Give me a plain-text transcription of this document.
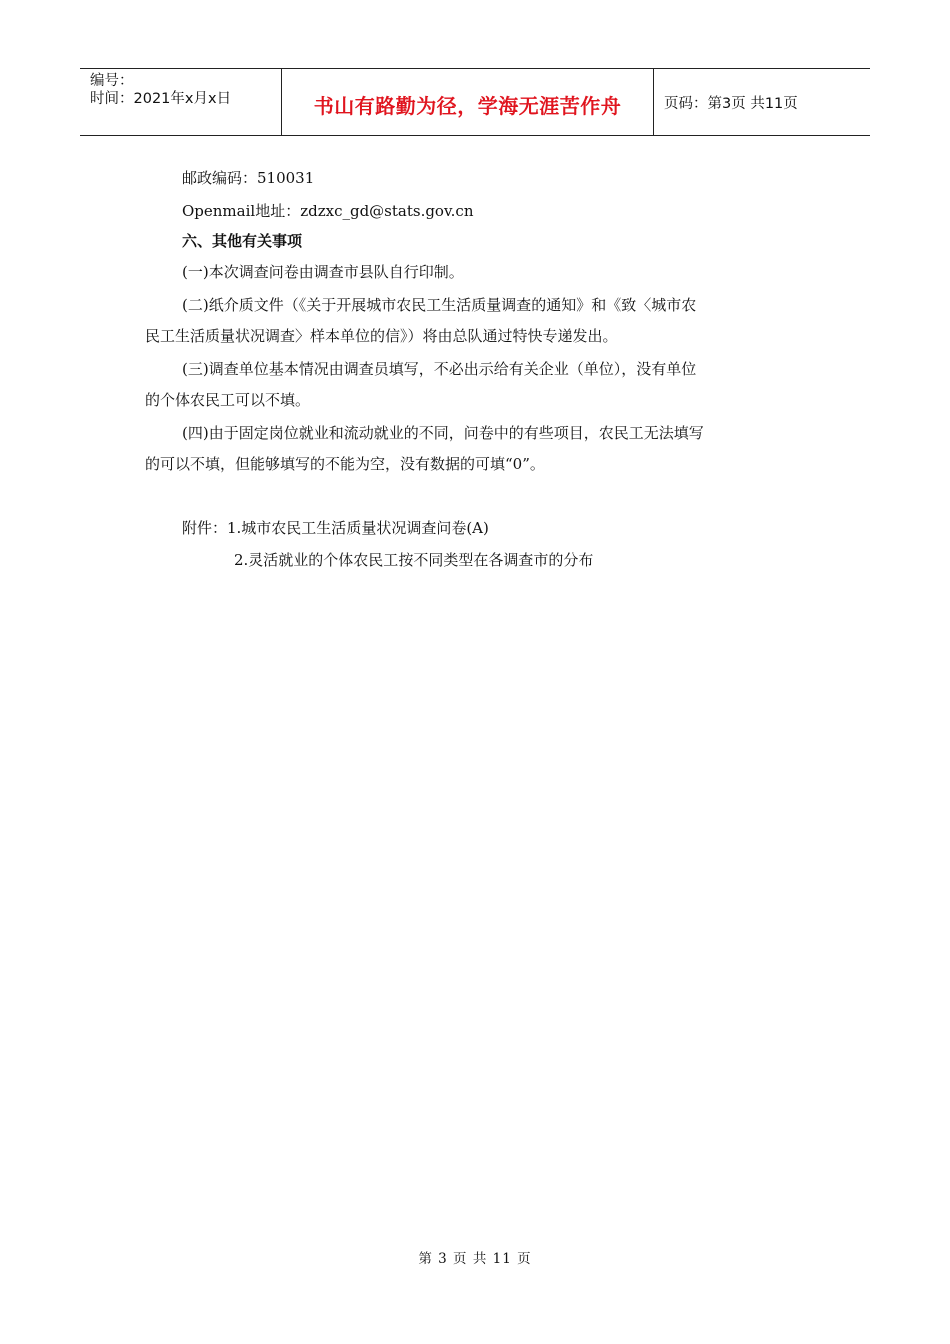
编号：
时间：2021年x月x日	书山有路勤为径，学海无涯苦作舟	页码：第3页 共11页
邮政编码：510031
Openmail地址：zdzxc_gd@stats.gov.cn
六、其他有关事项
(一)本次调查问卷由调查市县队自行印制。
(二)纸介质文件（《关于开展城市农民工生活质量调查的通知》和《致〈城市农
民工生活质量状况调查〉样本单位的信》）将由总队通过特快专递发出。
(三)调查单位基本情况由调查员填写，不必出示给有关企业（单位），没有单位
的个体农民工可以不填。
(四)由于固定岗位就业和流动就业的不同，问卷中的有些项目，农民工无法填写
的可以不填，但能够填写的不能为空，没有数据的可填“0”。
附件：1.城市农民工生活质量状况调查问卷(A)
2.灵活就业的个体农民工按不同类型在各调查市的分布
第 3 页 共 11 页
